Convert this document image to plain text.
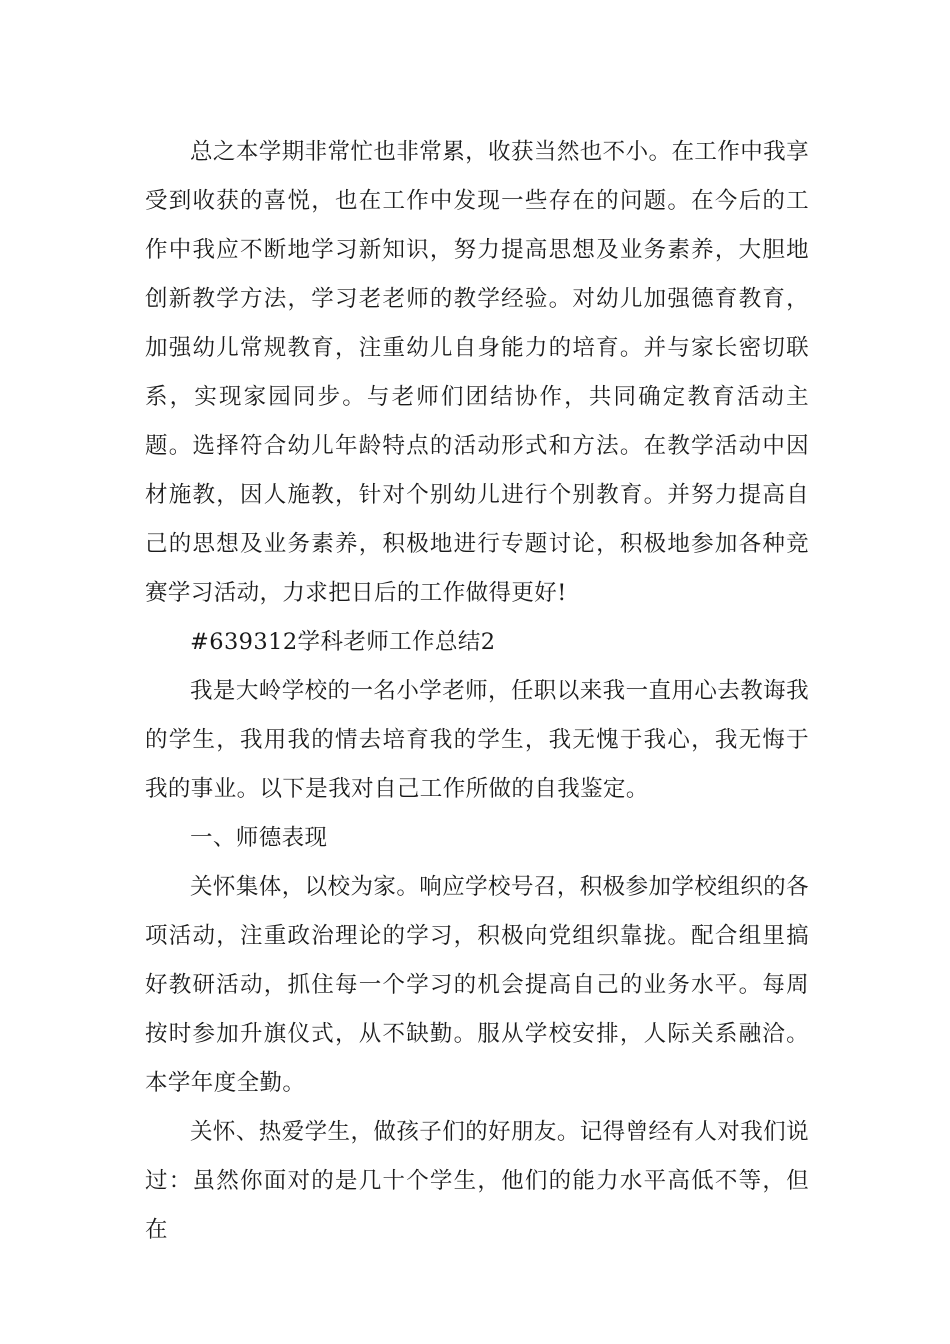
总之本学期非常忙也非常累，收获当然也不小。在工作中我享受到收获的喜悦，也在工作中发现一些存在的问题。在今后的工作中我应不断地学习新知识，努力提高思想及业务素养，大胆地创新教学方法，学习老老师的教学经验。对幼儿加强德育教育，加强幼儿常规教育，注重幼儿自身能力的培育。并与家长密切联系，实现家园同步。与老师们团结协作，共同确定教育活动主题。选择符合幼儿年龄特点的活动形式和方法。在教学活动中因材施教，因人施教，针对个别幼儿进行个别教育。并努力提高自己的思想及业务素养，积极地进行专题讨论，积极地参加各种竞赛学习活动，力求把日后的工作做得更好!

#639312学科老师工作总结2

我是大岭学校的一名小学老师，任职以来我一直用心去教诲我的学生，我用我的情去培育我的学生，我无愧于我心，我无悔于我的事业。以下是我对自己工作所做的自我鉴定。

一、师德表现

关怀集体，以校为家。响应学校号召，积极参加学校组织的各项活动，注重政治理论的学习，积极向党组织靠拢。配合组里搞好教研活动，抓住每一个学习的机会提高自己的业务水平。每周按时参加升旗仪式，从不缺勤。服从学校安排，人际关系融洽。本学年度全勤。

关怀、热爱学生，做孩子们的好朋友。记得曾经有人对我们说过：虽然你面对的是几十个学生，他们的能力水平高低不等，但在
